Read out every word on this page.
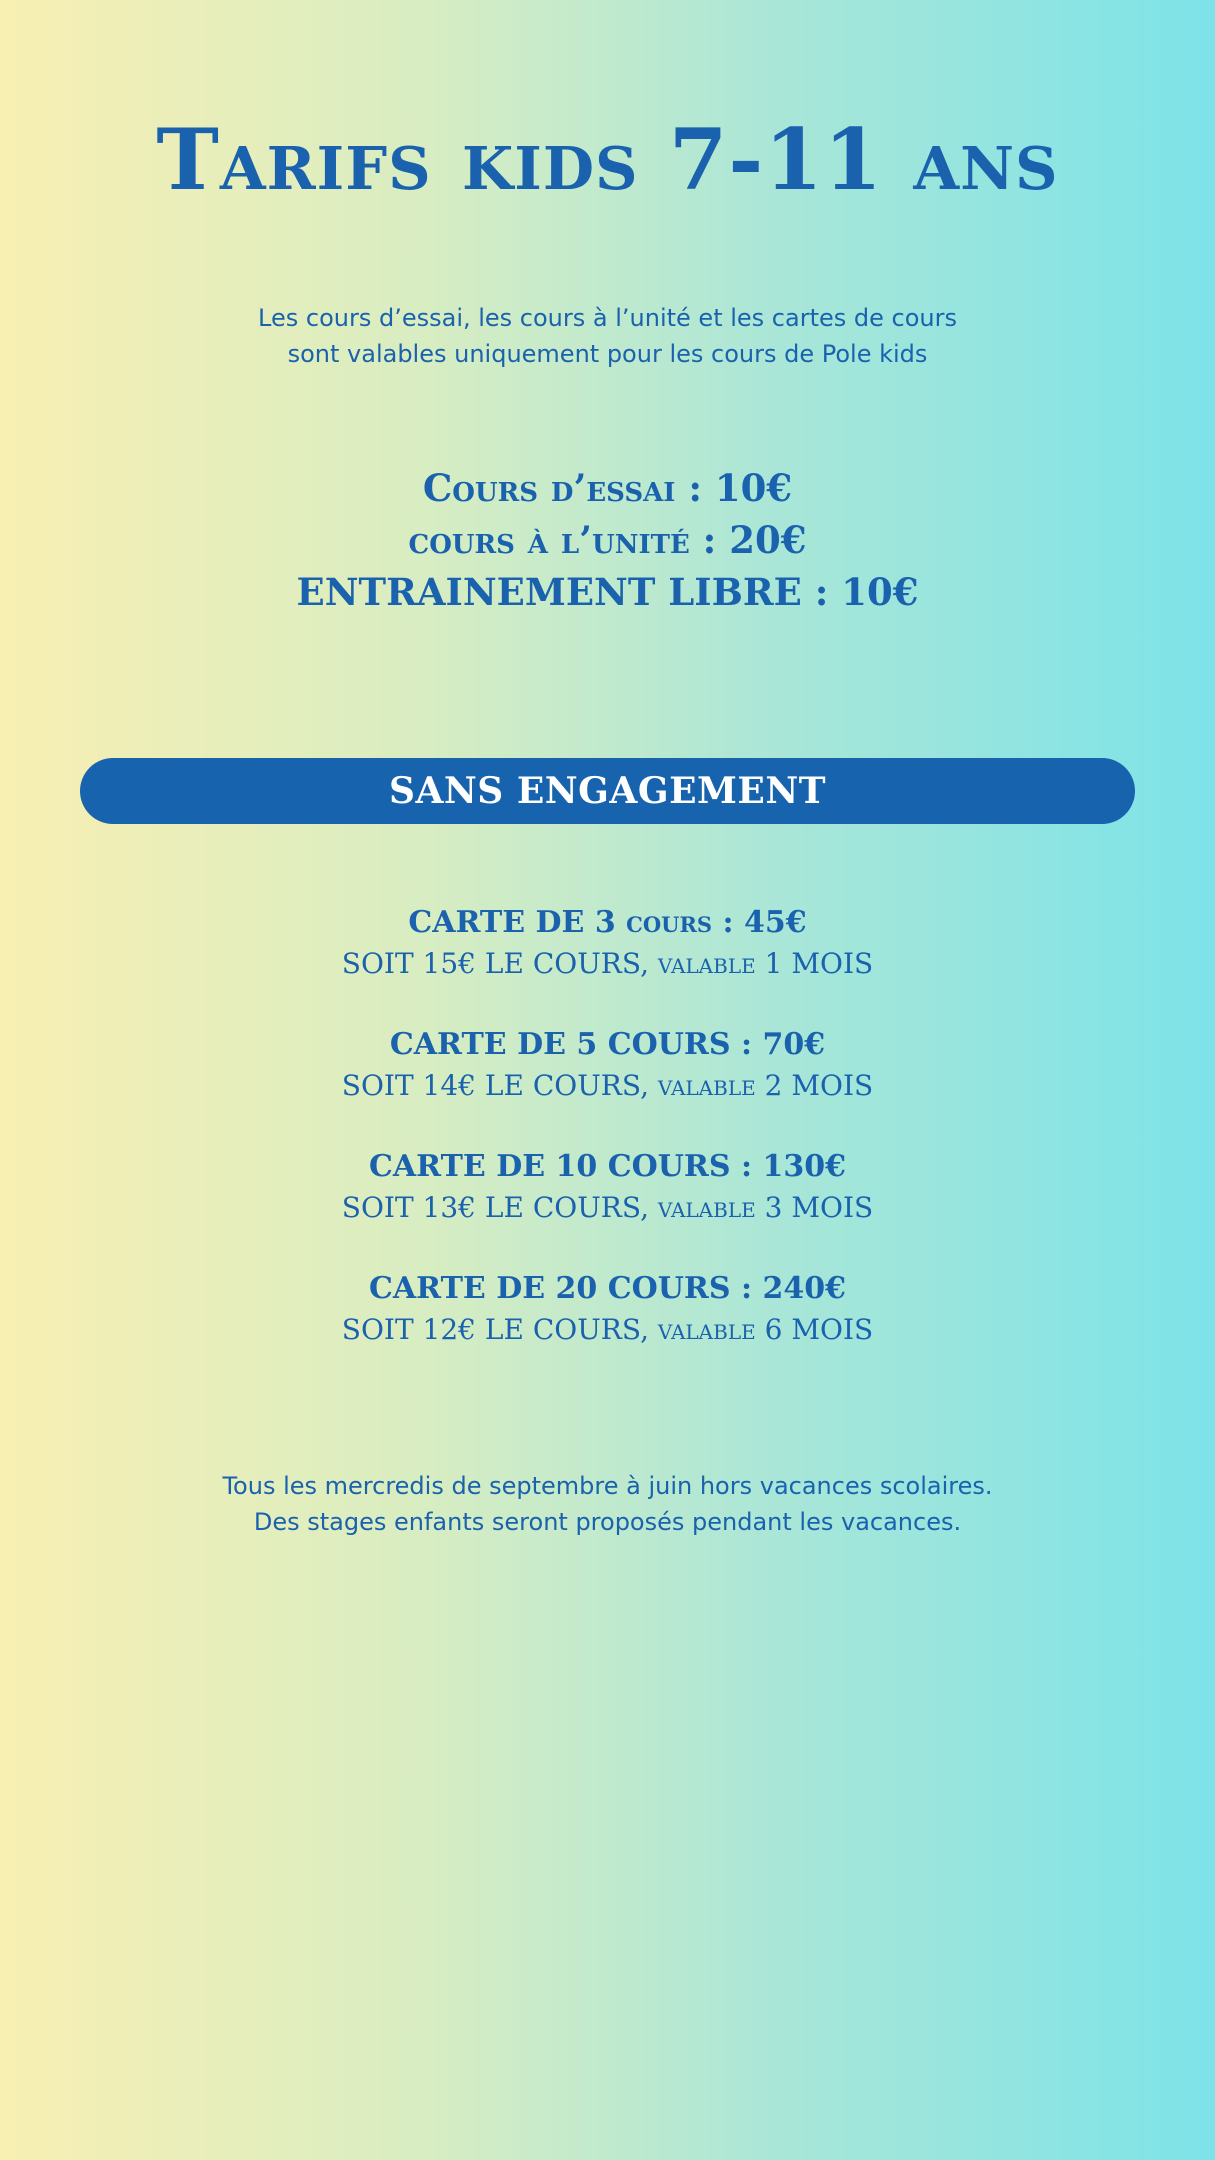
Tarifs kids 7-11 ans
Les cours d’essai, les cours à l’unité et les cartes de cours
sont valables uniquement pour les cours de Pole kids
Cours d’essai : 10€
cours à l’unité : 20€
ENTRAINEMENT LIBRE : 10€
SANS ENGAGEMENT
CARTE DE 3 cours : 45€
SOIT 15€ LE COURS, valable 1 MOIS
CARTE DE 5 COURS : 70€
SOIT 14€ LE COURS, valable 2 MOIS
CARTE DE 10 COURS : 130€
SOIT 13€ LE COURS, valable 3 MOIS
CARTE DE 20 COURS : 240€
SOIT 12€ LE COURS, valable 6 MOIS
Tous les mercredis de septembre à juin hors vacances scolaires.
Des stages enfants seront proposés pendant les vacances.
